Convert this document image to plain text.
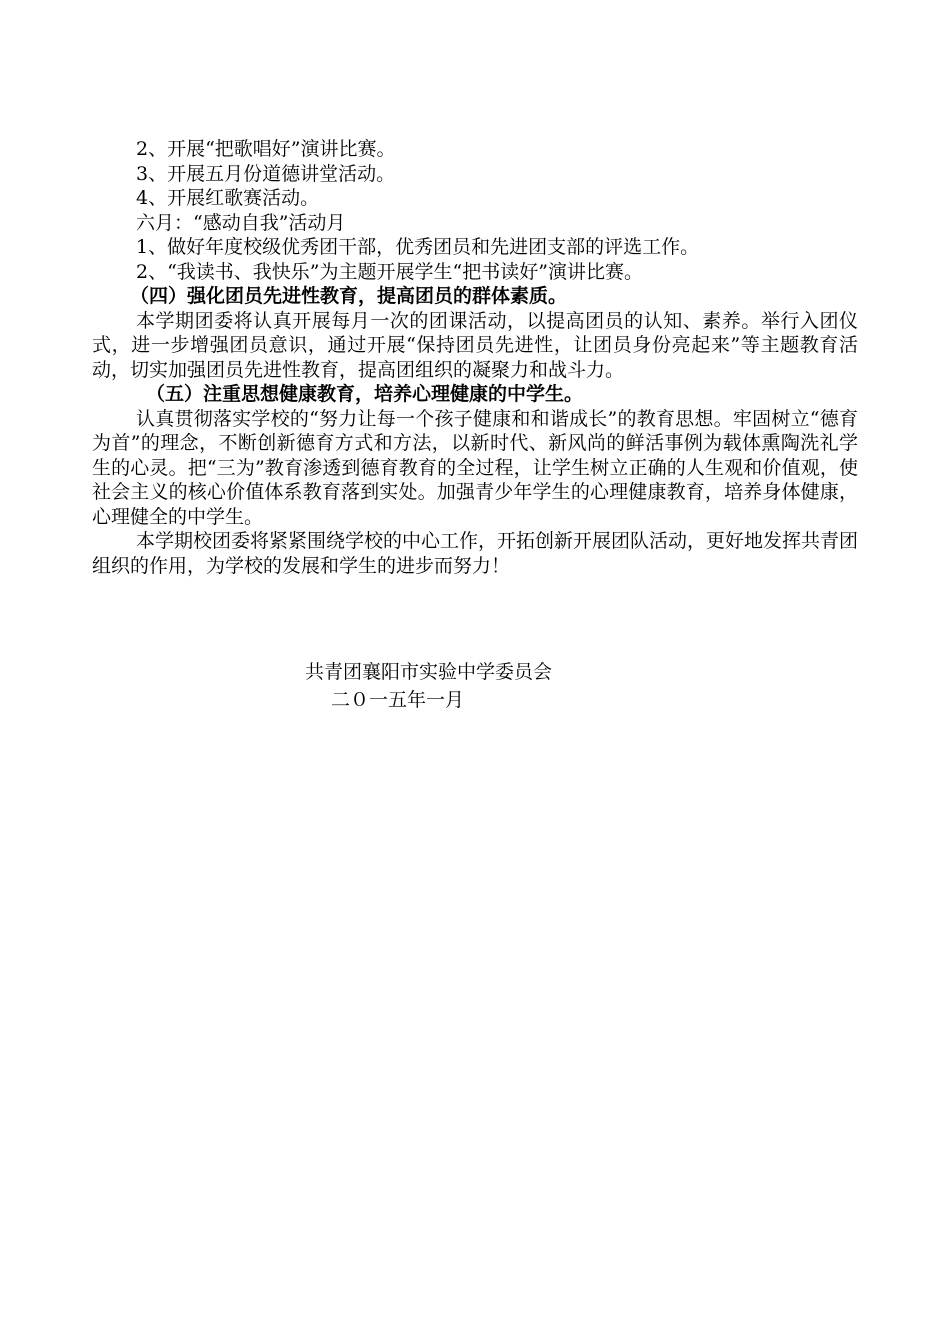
2、开展“把歌唱好”演讲比赛。
3、开展五月份道德讲堂活动。
4、开展红歌赛活动。
六月：“感动自我”活动月
1、做好年度校级优秀团干部，优秀团员和先进团支部的评选工作。
2、“我读书、我快乐”为主题开展学生“把书读好”演讲比赛。
（四）强化团员先进性教育，提高团员的群体素质。
本学期团委将认真开展每月一次的团课活动，以提高团员的认知、素养。举行入团仪式，进一步增强团员意识，通过开展“保持团员先进性，让团员身份亮起来”等主题教育活动，切实加强团员先进性教育，提高团组织的凝聚力和战斗力。
（五）注重思想健康教育，培养心理健康的中学生。
认真贯彻落实学校的“努力让每一个孩子健康和和谐成长”的教育思想。牢固树立“德育为首”的理念，不断创新德育方式和方法，以新时代、新风尚的鲜活事例为载体熏陶洗礼学生的心灵。把“三为”教育渗透到德育教育的全过程，让学生树立正确的人生观和价值观，使社会主义的核心价值体系教育落到实处。加强青少年学生的心理健康教育，培养身体健康，心理健全的中学生。
本学期校团委将紧紧围绕学校的中心工作，开拓创新开展团队活动，更好地发挥共青团组织的作用，为学校的发展和学生的进步而努力！
共青团襄阳市实验中学委员会
二０一五年一月
